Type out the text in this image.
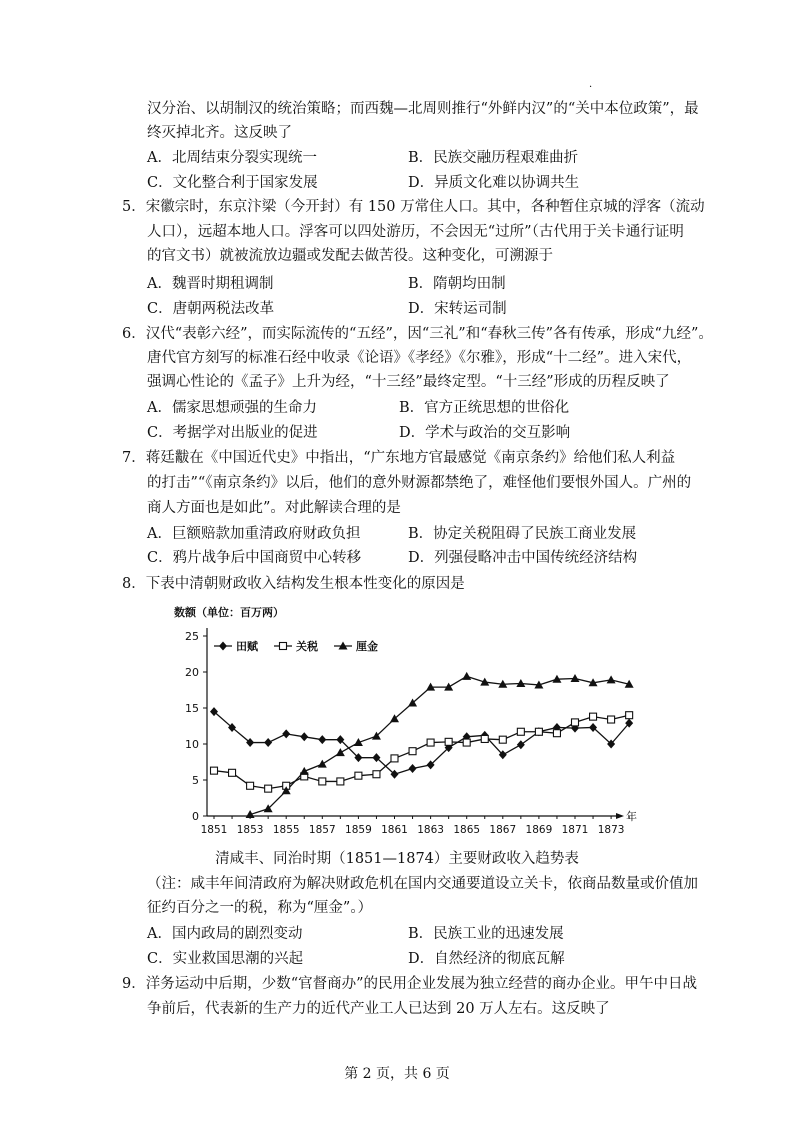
·
汉分治、以胡制汉的统治策略；而西魏—北周则推行“外鲜内汉”的“关中本位政策”，最
终灭掉北齐。这反映了
A．北周结束分裂实现统一	B．民族交融历程艰难曲折
C．文化整合利于国家发展	D．异质文化难以协调共生
5．宋徽宗时，东京汴梁（今开封）有 150 万常住人口。其中，各种暂住京城的浮客（流动
人口），远超本地人口。浮客可以四处游历，不会因无“过所”（古代用于关卡通行证明
的官文书）就被流放边疆或发配去做苦役。这种变化，可溯源于
A．魏晋时期租调制	B．隋朝均田制
C．唐朝两税法改革	D．宋转运司制
6．汉代“表彰六经”，而实际流传的“五经”，因“三礼”和“春秋三传”各有传承，形成“九经”。
唐代官方刻写的标准石经中收录《论语》《孝经》《尔雅》，形成“十二经”。进入宋代，
强调心性论的《孟子》上升为经，“十三经”最终定型。“十三经”形成的历程反映了
A．儒家思想顽强的生命力	B．官方正统思想的世俗化
C．考据学对出版业的促进	D．学术与政治的交互影响
7．蒋廷黻在《中国近代史》中指出，“广东地方官最感觉《南京条约》给他们私人利益
的打击”“《南京条约》以后，他们的意外财源都禁绝了，难怪他们要恨外国人。广州的
商人方面也是如此”。对此解读合理的是
A．巨额赔款加重清政府财政负担	B．协定关税阻碍了民族工商业发展
C．鸦片战争后中国商贸中心转移	D．列强侵略冲击中国传统经济结构
8．下表中清朝财政收入结构发生根本性变化的原因是
数额（单位：百万两）
年
0
5
10
15
20
25
1851 1853 1855 1857 1859 1861 1863 1865 1867 1869 1871 1873
田赋	关税	厘金
清咸丰、同治时期（1851—1874）主要财政收入趋势表
（注：咸丰年间清政府为解决财政危机在国内交通要道设立关卡，依商品数量或价值加
征约百分之一的税，称为“厘金”。）
A．国内政局的剧烈变动	B．民族工业的迅速发展
C．实业救国思潮的兴起	D．自然经济的彻底瓦解
9．洋务运动中后期，少数“官督商办”的民用企业发展为独立经营的商办企业。甲午中日战
争前后，代表新的生产力的近代产业工人已达到 20 万人左右。这反映了
第 2 页，共 6 页
